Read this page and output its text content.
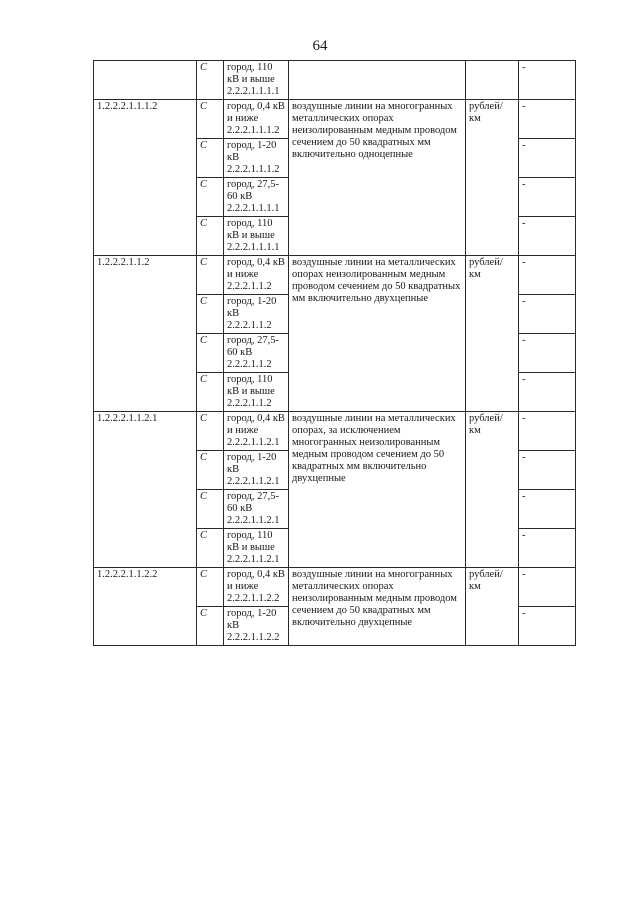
64
	С	город, 110 кВ и выше 2.2.2.1.1.1.1			-
1.2.2.2.1.1.1.2	С	город, 0,4 кВ и ниже 2.2.2.1.1.1.2	воздушные линии на многогранных металлических опорах неизолированным медным проводом сечением до 50 квадратных мм включительно одноцепные	рублей/ км	-
	С	город, 1-20 кВ 2.2.2.1.1.1.2			-
	С	город, 27,5-60 кВ 2.2.2.1.1.1.1			-
	С	город, 110 кВ и выше 2.2.2.1.1.1.1			-
1.2.2.2.1.1.2	С	город, 0,4 кВ и ниже 2.2.2.1.1.2	воздушные линии на металлических опорах неизолированным медным проводом сечением до 50 квадратных мм включительно двухцепные	рублей/ км	-
	С	город, 1-20 кВ 2.2.2.1.1.2			-
	С	город, 27,5-60 кВ 2.2.2.1.1.2			-
	С	город, 110 кВ и выше 2.2.2.1.1.2			-
1.2.2.2.1.1.2.1	С	город, 0,4 кВ и ниже 2.2.2.1.1.2.1	воздушные линии на металлических опорах, за исключением многогранных неизолированным медным проводом сечением до 50 квадратных мм включительно двухцепные	рублей/ км	-
	С	город, 1-20 кВ 2.2.2.1.1.2.1			-
	С	город, 27,5-60 кВ 2.2.2.1.1.2.1			-
	С	город, 110 кВ и выше 2.2.2.1.1.2.1			-
1.2.2.2.1.1.2.2	С	город, 0,4 кВ и ниже 2.2.2.1.1.2.2	воздушные линии на многогранных металлических опорах неизолированным медным проводом сечением до 50 квадратных мм включительно двухцепные	рублей/ км	-
	С	город, 1-20 кВ 2.2.2.1.1.2.2			-
